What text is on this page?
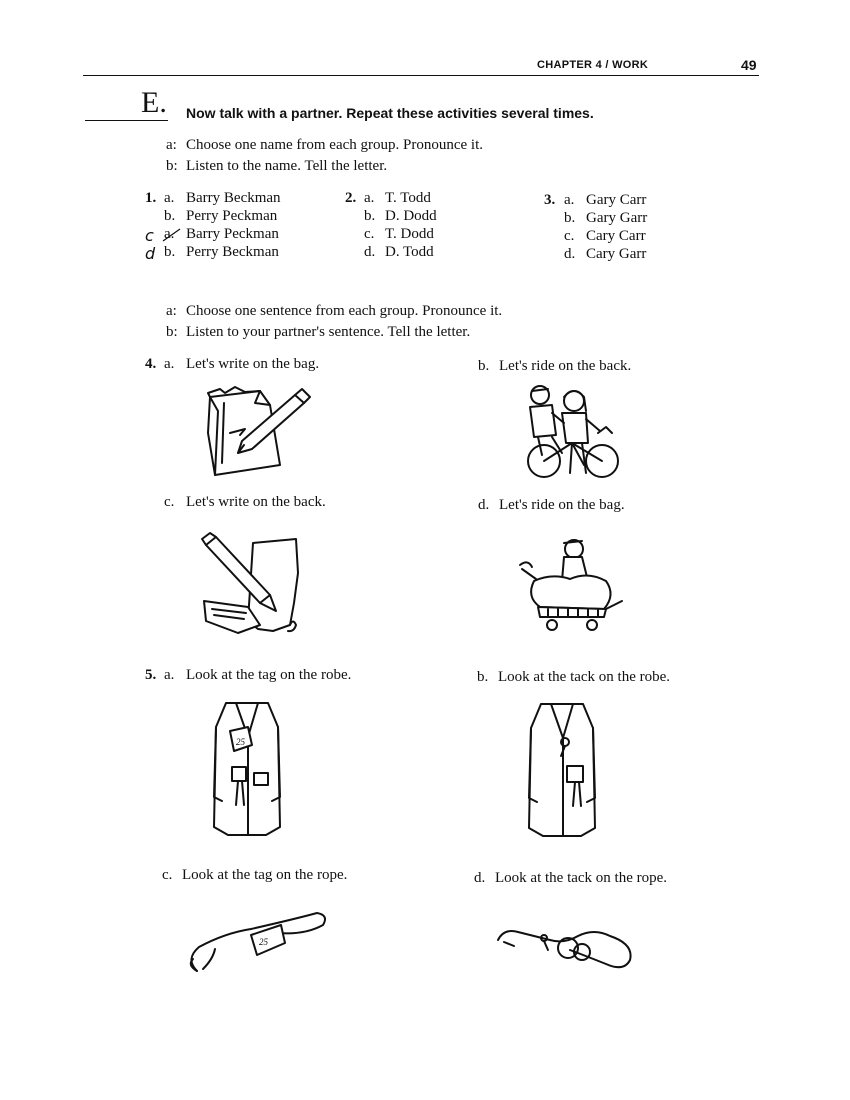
CHAPTER 4 / WORK	49
E. Now talk with a partner. Repeat these activities several times.
a: Choose one name from each group. Pronounce it.
b: Listen to the name. Tell the letter.
1. a. Barry Beckman
b. Perry Peckman
c a. Barry Peckman
d b. Perry Beckman
2. a. T. Todd
b. D. Dodd
c. T. Dodd
d. D. Todd
3. a. Gary Carr
b. Gary Garr
c. Cary Carr
d. Cary Garr
a: Choose one sentence from each group. Pronounce it.
b: Listen to your partner's sentence. Tell the letter.
4. a. Let's write on the bag.	b. Let's ride on the back.
c. Let's write on the back.	d. Let's ride on the bag.
5. a. Look at the tag on the robe.	b. Look at the tack on the robe.
c. Look at the tag on the rope.	d. Look at the tack on the rope.
25
25
